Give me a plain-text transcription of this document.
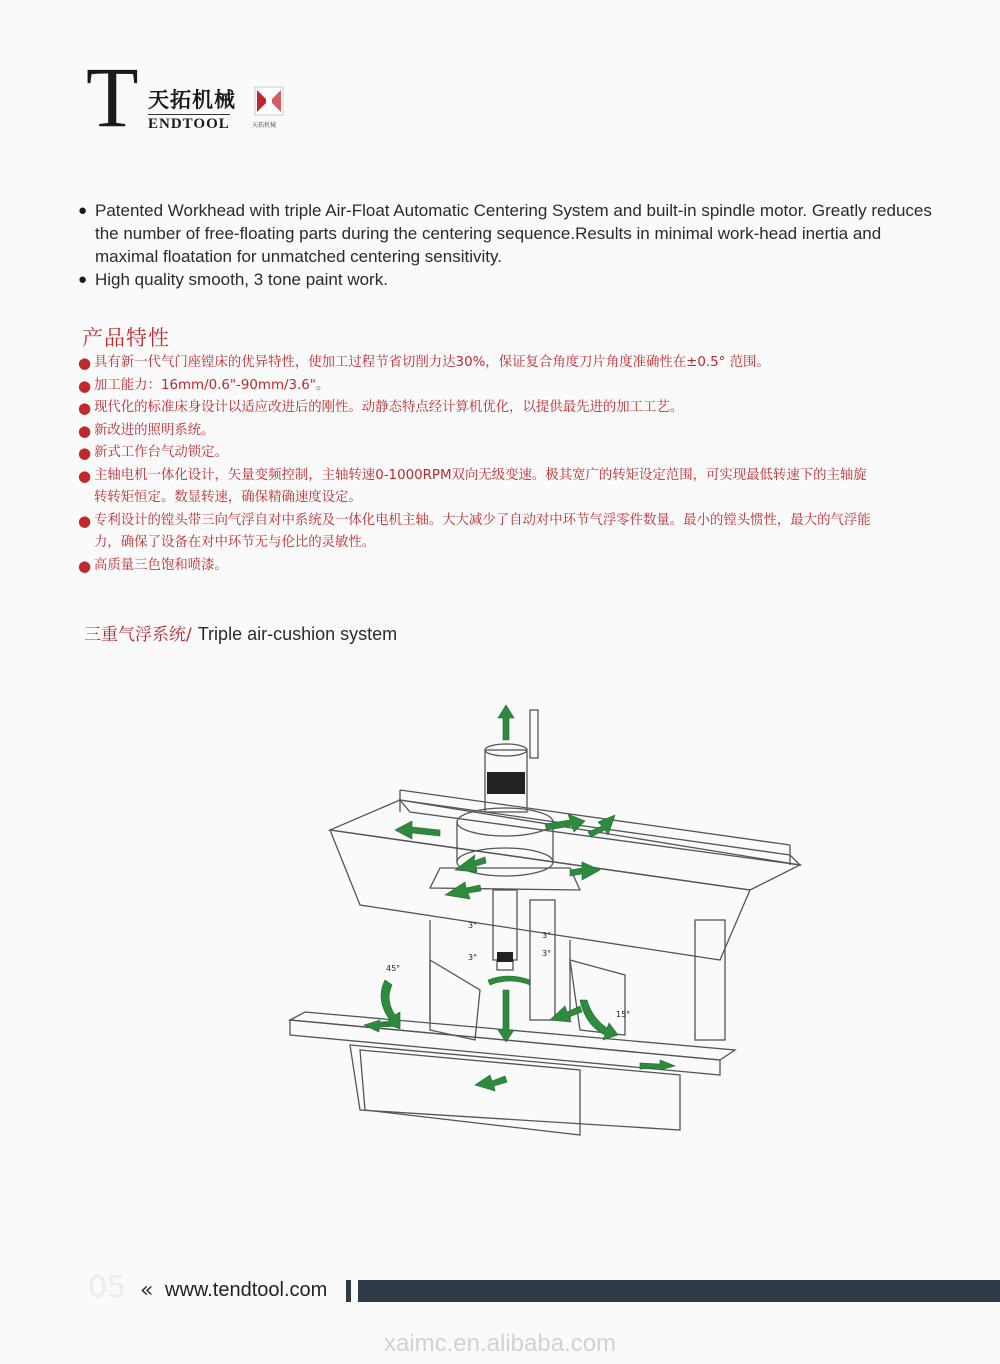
T 天拓机械
ENDTOOL	天拓机械
● Patented Workhead with triple Air-Float Automatic Centering System and built-in spindle motor. Greatly reduces the number of free-floating parts during the centering sequence.Results in minimal work-head inertia and maximal floatation for unmatched centering sensitivity.
● High quality smooth, 3 tone paint work.
产品特性
● 具有新一代气门座镗床的优异特性，使加工过程节省切削力达30%，保证复合角度刀片角度准确性在±0.5° 范围。
● 加工能力：16mm/0.6"-90mm/3.6"。
● 现代化的标准床身设计以适应改进后的刚性。动静态特点经计算机优化，以提供最先进的加工工艺。
● 新改进的照明系统。
● 新式工作台气动锁定。
● 主轴电机一体化设计，矢量变频控制，主轴转速0-1000RPM双向无级变速。极其宽广的转矩设定范围，可实现最低转速下的主轴旋转转矩恒定。数显转速，确保精确速度设定。
● 专利设计的镗头带三向气浮自对中系统及一体化电机主轴。大大减少了自动对中环节气浮零件数量。最小的镗头惯性，最大的气浮能力，确保了设备在对中环节无与伦比的灵敏性。
● 高质量三色饱和喷漆。
三重气浮系统/ Triple air-cushion system
3°
3°
3°	3°
45°
15°
05 « www.tendtool.com
xaimc.en.alibaba.com
